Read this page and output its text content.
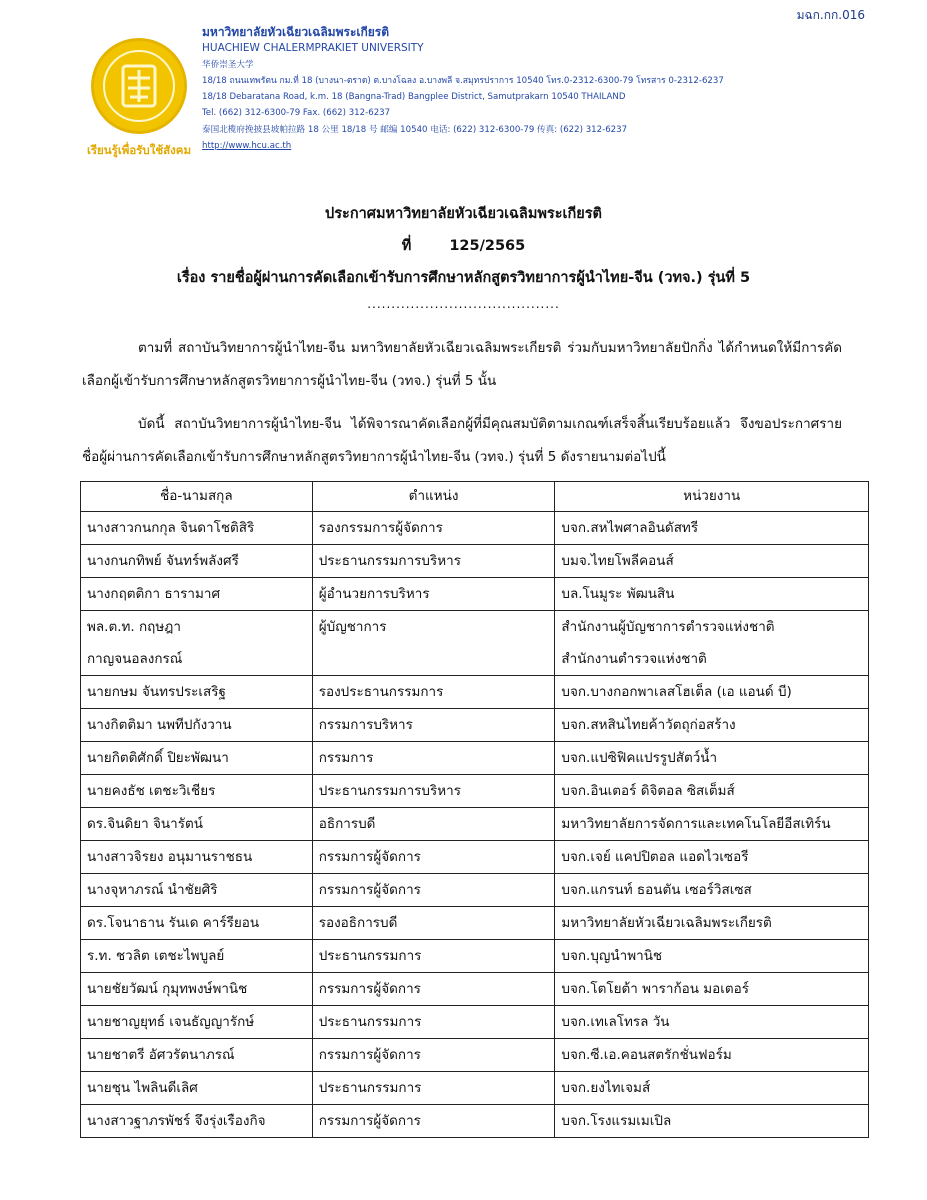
มฉก.กก.016
เรียนรู้เพื่อรับใช้สังคม
มหาวิทยาลัยหัวเฉียวเฉลิมพระเกียรติ
HUACHIEW CHALERMPRAKIET UNIVERSITY
华侨崇圣大学
18/18 ถนนเทพรัตน กม.ที่ 18 (บางนา-ตราด) ต.บางโฉลง อ.บางพลี จ.สมุทรปราการ 10540 โทร.0-2312-6300-79 โทรสาร 0-2312-6237
18/18 Debaratana Road, k.m. 18 (Bangna-Trad) Bangplee District, Samutprakarn 10540 THAILAND
Tel. (662) 312-6300-79 Fax. (662) 312-6237
泰国北榄府挽披县坡帕拉路 18 公里 18/18 号 邮编 10540 电话: (622) 312-6300-79 传真: (622) 312-6237
http://www.hcu.ac.th
ประกาศมหาวิทยาลัยหัวเฉียวเฉลิมพระเกียรติ
ที่	125/2565
เรื่อง รายชื่อผู้ผ่านการคัดเลือกเข้ารับการศึกษาหลักสูตรวิทยาการผู้นำไทย-จีน (วทจ.) รุ่นที่ 5
........................................
ตามที่ สถาบันวิทยาการผู้นำไทย-จีน มหาวิทยาลัยหัวเฉียวเฉลิมพระเกียรติ ร่วมกับมหาวิทยาลัยปักกิ่ง ได้กำหนดให้มีการคัดเลือกผู้เข้ารับการศึกษาหลักสูตรวิทยาการผู้นำไทย-จีน (วทจ.) รุ่นที่ 5 นั้น
บัดนี้ สถาบันวิทยาการผู้นำไทย-จีน ได้พิจารณาคัดเลือกผู้ที่มีคุณสมบัติตามเกณฑ์เสร็จสิ้นเรียบร้อยแล้ว จึงขอประกาศรายชื่อผู้ผ่านการคัดเลือกเข้ารับการศึกษาหลักสูตรวิทยาการผู้นำไทย-จีน (วทจ.) รุ่นที่ 5 ดังรายนามต่อไปนี้
ชื่อ-นามสกุล	ตำแหน่ง	หน่วยงาน

นางสาวกนกกุล จินดาโชติสิริ	รองกรรมการผู้จัดการ	บจก.สหไพศาลอินดัสทรี

นางกนกทิพย์ จันทร์พลังศรี	ประธานกรรมการบริหาร	บมจ.ไทยโพลีคอนส์

นางกฤตติกา ธารามาศ	ผู้อำนวยการบริหาร	บล.โนมูระ พัฒนสิน

พล.ต.ท. กฤษฎา
กาญจนอลงกรณ์	ผู้บัญชาการ	สำนักงานผู้บัญชาการตำรวจแห่งชาติ
สำนักงานตำรวจแห่งชาติ

นายกษม จันทรประเสริฐ	รองประธานกรรมการ	บจก.บางกอกพาเลสโฮเต็ล (เอ แอนด์ บี)

นางกิตติมา นพทีปกังวาน	กรรมการบริหาร	บจก.สหสินไทยค้าวัตถุก่อสร้าง

นายกิตติศักดิ์ ปิยะพัฒนา	กรรมการ	บจก.แปซิฟิคแปรรูปสัตว์น้ำ

นายคงธัช เตชะวิเชียร	ประธานกรรมการบริหาร	บจก.อินเตอร์ ดิจิตอล ซิสเต็มส์

ดร.จินดิยา จินารัตน์	อธิการบดี	มหาวิทยาลัยการจัดการและเทคโนโลยีอีสเทิร์น

นางสาวจิรยง อนุมานราชธน	กรรมการผู้จัดการ	บจก.เจย์ แคปปิตอล แอดไวเซอรี

นางจุหาภรณ์ นำชัยศิริ	กรรมการผู้จัดการ	บจก.แกรนท์ ธอนตัน เซอร์วิสเซส

ดร.โจนาธาน รันเด คาร์รียอน	รองอธิการบดี	มหาวิทยาลัยหัวเฉียวเฉลิมพระเกียรติ

ร.ท. ชวลิต เตชะไพบูลย์	ประธานกรรมการ	บจก.บุญนำพานิช

นายชัยวัฒน์ กุมุทพงษ์พานิช	กรรมการผู้จัดการ	บจก.โตโยต้า พาราก้อน มอเตอร์

นายชาญยุทธ์ เจนธัญญารักษ์	ประธานกรรมการ	บจก.เทเลโทรล วัน

นายชาตรี อัศวรัตนาภรณ์	กรรมการผู้จัดการ	บจก.ซี.เอ.คอนสตรักชั่นฟอร์ม

นายชุน ไพลินดีเลิศ	ประธานกรรมการ	บจก.ยงไทเจมส์

นางสาวฐาภรพัชร์ จึงรุ่งเรืองกิจ	กรรมการผู้จัดการ	บจก.โรงแรมเมเปิล
